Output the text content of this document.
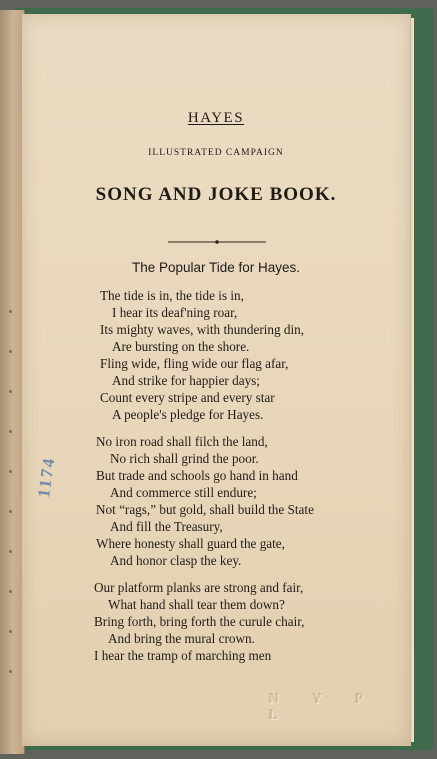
HAYES
ILLUSTRATED CAMPAIGN
SONG AND JOKE BOOK.
The Popular Tide for Hayes.
The tide is in, the tide is in,
I hear its deaf'ning roar,
Its mighty waves, with thundering din,
Are bursting on the shore.
Fling wide, fling wide our flag afar,
And strike for happier days;
Count every stripe and every star
A people's pledge for Hayes.
No iron road shall filch the land,
No rich shall grind the poor.
But trade and schools go hand in hand
And commerce still endure;
Not “rags,” but gold, shall build the State
And fill the Treasury,
Where honesty shall guard the gate,
And honor clasp the key.
Our platform planks are strong and fair,
What hand shall tear them down?
Bring forth, bring forth the curule chair,
And bring the mural crown.
I hear the tramp of marching men
1174
N Y P L
